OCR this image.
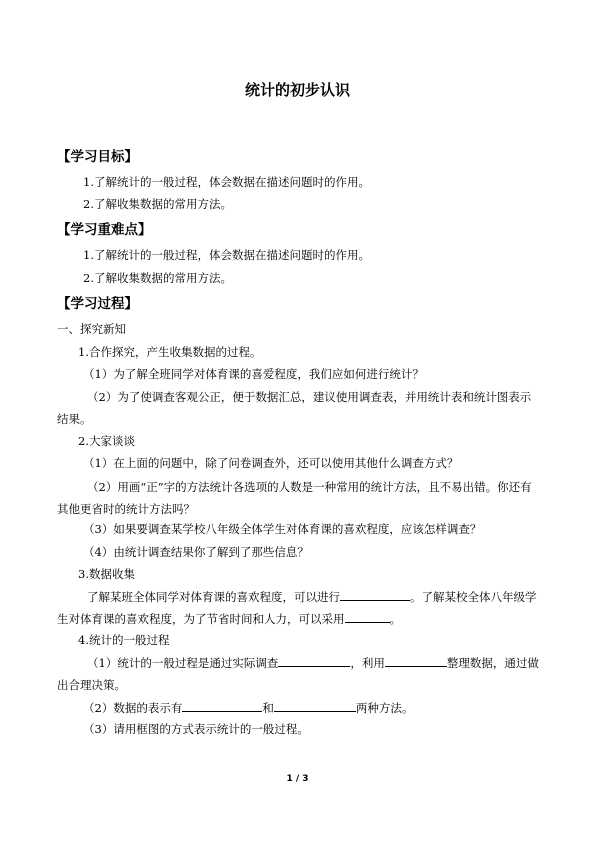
统计的初步认识
【学习目标】
1.了解统计的一般过程，体会数据在描述问题时的作用。
2.了解收集数据的常用方法。
【学习重难点】
1.了解统计的一般过程，体会数据在描述问题时的作用。
2.了解收集数据的常用方法。
【学习过程】
一、探究新知
1.合作探究，产生收集数据的过程。
（1）为了解全班同学对体育课的喜爱程度，我们应如何进行统计？
（2）为了使调查客观公正，便于数据汇总，建议使用调查表，并用统计表和统计图表示结果。
2.大家谈谈
（1）在上面的问题中，除了问卷调查外，还可以使用其他什么调查方式？
（2）用画“正”字的方法统计各选项的人数是一种常用的统计方法，且不易出错。你还有其他更省时的统计方法吗？
（3）如果要调查某学校八年级全体学生对体育课的喜欢程度，应该怎样调查？
（4）由统计调查结果你了解到了那些信息？
3.数据收集
了解某班全体同学对体育课的喜欢程度，可以进行	。了解某校全体八年级学生对体育课的喜欢程度，为了节省时间和人力，可以采用	。
4.统计的一般过程
（1）统计的一般过程是通过实际调查	，利用	整理数据，通过做出合理决策。
（2）数据的表示有	和	两种方法。
（3）请用框图的方式表示统计的一般过程。
1 / 3
